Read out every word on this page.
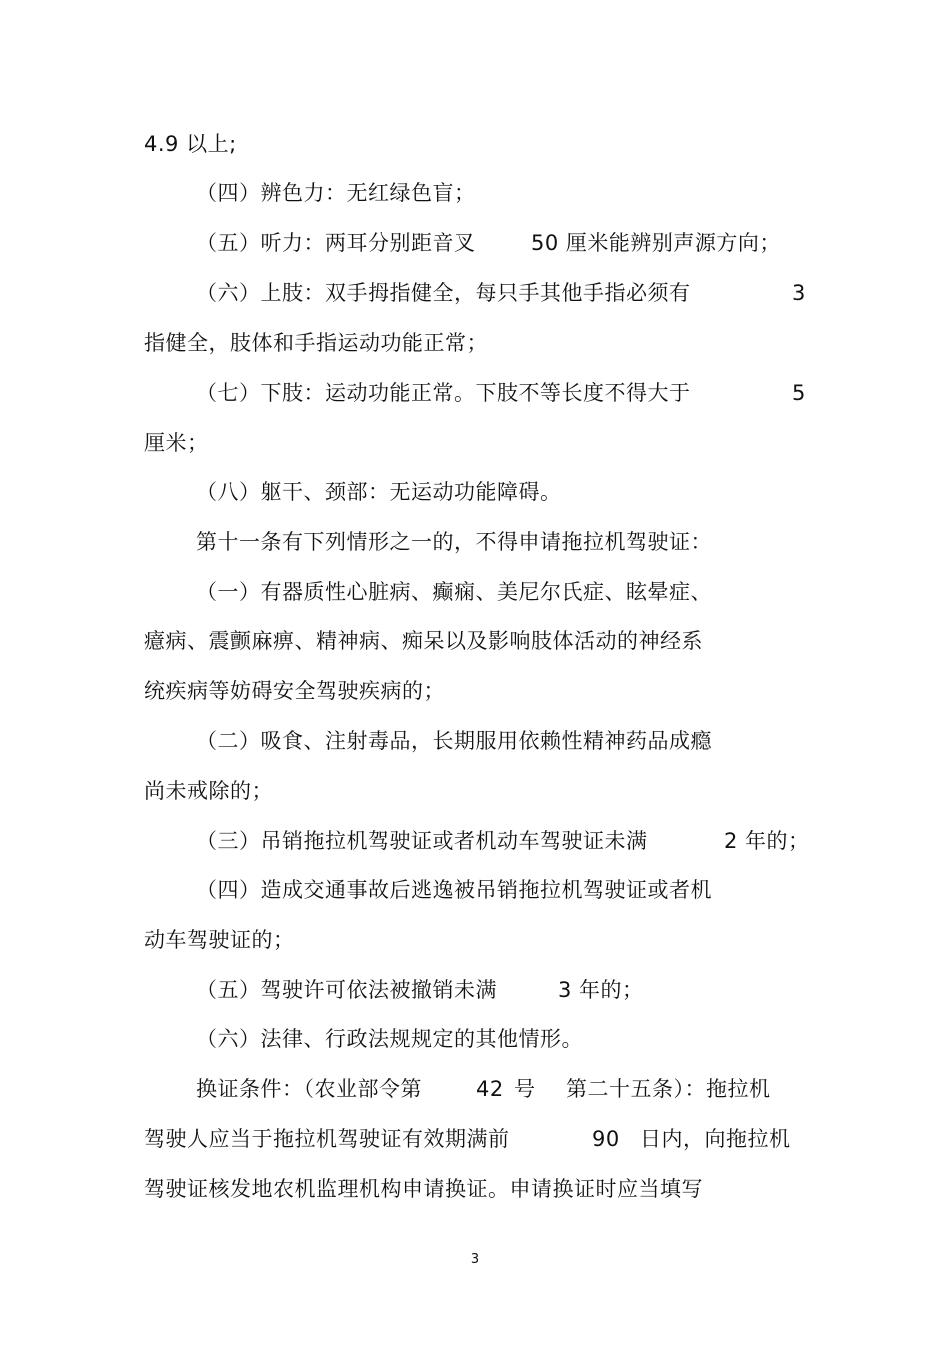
4.9 以上;
（四）辨色力：无红绿色盲；

（五）听力：两耳分别距音叉

	50 厘米能辨别声源方向；

（六）上肢：双手拇指健全，每只手其他手指必须有

	3

指健全，肢体和手指运动功能正常；

（七）下肢：运动功能正常。下肢不等长度不得大于

	5

厘米；
（八）躯干、颈部：无运动功能障碍。
第十一条有下列情形之一的，不得申请拖拉机驾驶证：
（一）有器质性心脏病、癫痫、美尼尔氏症、眩晕症、
癔病、震颤麻痹、精神病、痴呆以及影响肢体活动的神经系
统疾病等妨碍安全驾驶疾病的；
（二）吸食、注射毒品，长期服用依赖性精神药品成瘾
尚未戒除的；

（三）吊销拖拉机驾驶证或者机动车驾驶证未满

	2 年的；

（四）造成交通事故后逃逸被吊销拖拉机驾驶证或者机
动车驾驶证的；

（五）驾驶许可依法被撤销未满

	3 年的；

（六）法律、行政法规规定的其他情形。

换证条件：（农业部令第

	42

号

第二十五条）：拖拉机

驾驶人应当于拖拉机驾驶证有效期满前

	90

日内，向拖拉机

驾驶证核发地农机监理机构申请换证。申请换证时应当填写
3
